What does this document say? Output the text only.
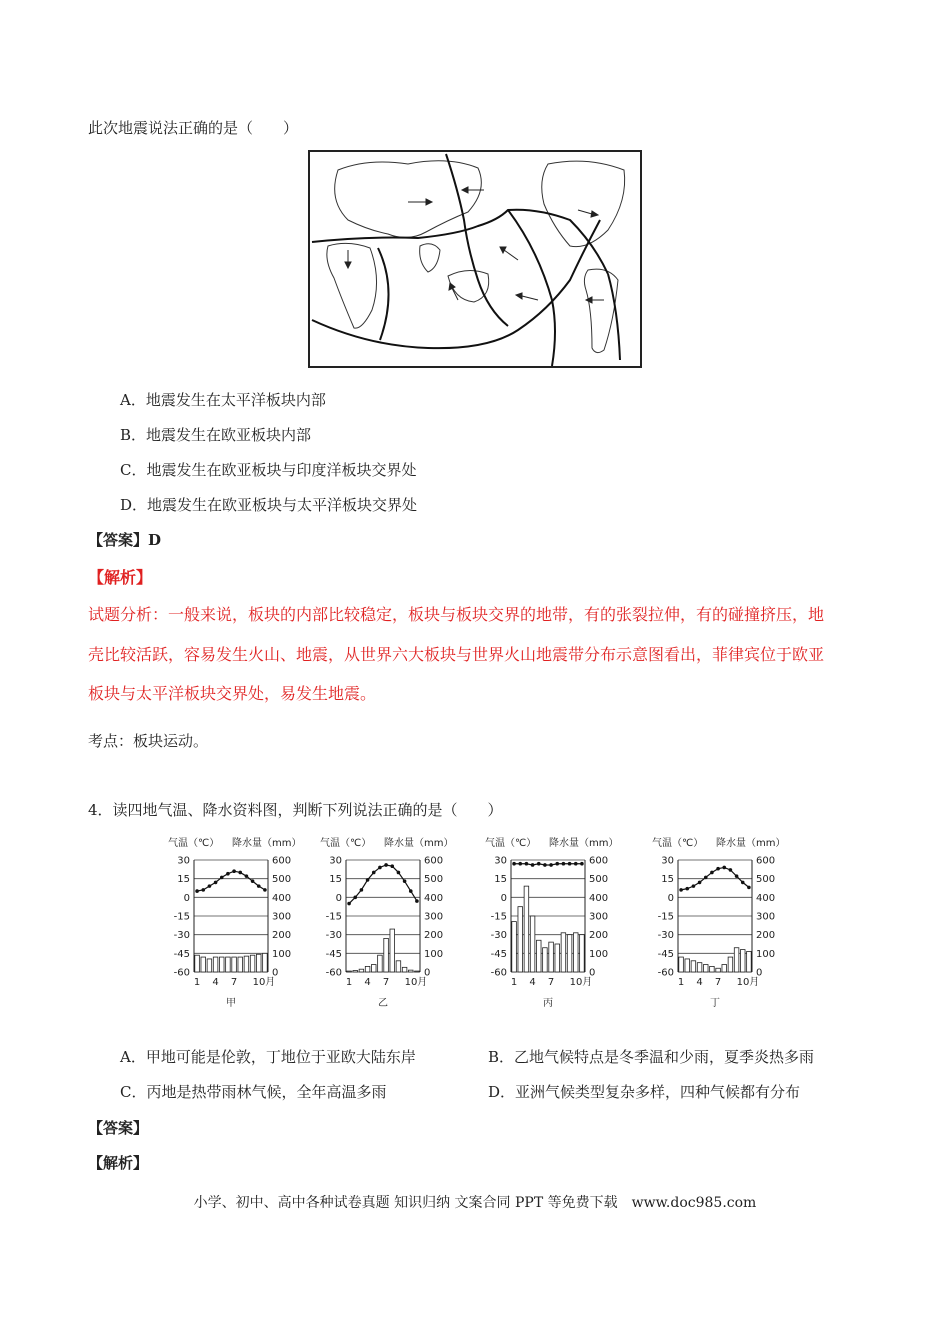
此次地震说法正确的是（　　）
A．地震发生在太平洋板块内部
B．地震发生在欧亚板块内部
C．地震发生在欧亚板块与印度洋板块交界处
D．地震发生在欧亚板块与太平洋板块交界处
【答案】D
【解析】
试题分析：一般来说，板块的内部比较稳定，板块与板块交界的地带，有的张裂拉伸，有的碰撞挤压，地
壳比较活跃，容易发生火山、地震，从世界六大板块与世界火山地震带分布示意图看出，菲律宾位于欧亚
板块与太平洋板块交界处，易发生地震。
考点：板块运动。
4．读四地气温、降水资料图，判断下列说法正确的是（　　）
气温（℃） 降水量（mm）
30
15
0
-15
-30
-45
-60
600
500
400
300
200
100
0
1 4 7 10月
甲
气温（℃） 降水量（mm）
30
15
0
-15
-30
-45
-60
600
500
400
300
200
100
0
1 4 7 10月
乙
气温（℃） 降水量（mm）
30
15
0
-15
-30
-45
-60
600
500
400
300
200
100
0
1 4 7 10月
丙
气温（℃） 降水量（mm）
30
15
0
-15
-30
-45
-60
600
500
400
300
200
100
0
1 4 7 10月
丁
A．甲地可能是伦敦，丁地位于亚欧大陆东岸	B．乙地气候特点是冬季温和少雨，夏季炎热多雨
C．丙地是热带雨林气候，全年高温多雨	D．亚洲气候类型复杂多样，四种气候都有分布
【答案】
【解析】
小学、初中、高中各种试卷真题 知识归纳 文案合同 PPT 等免费下载　www.doc985.com
